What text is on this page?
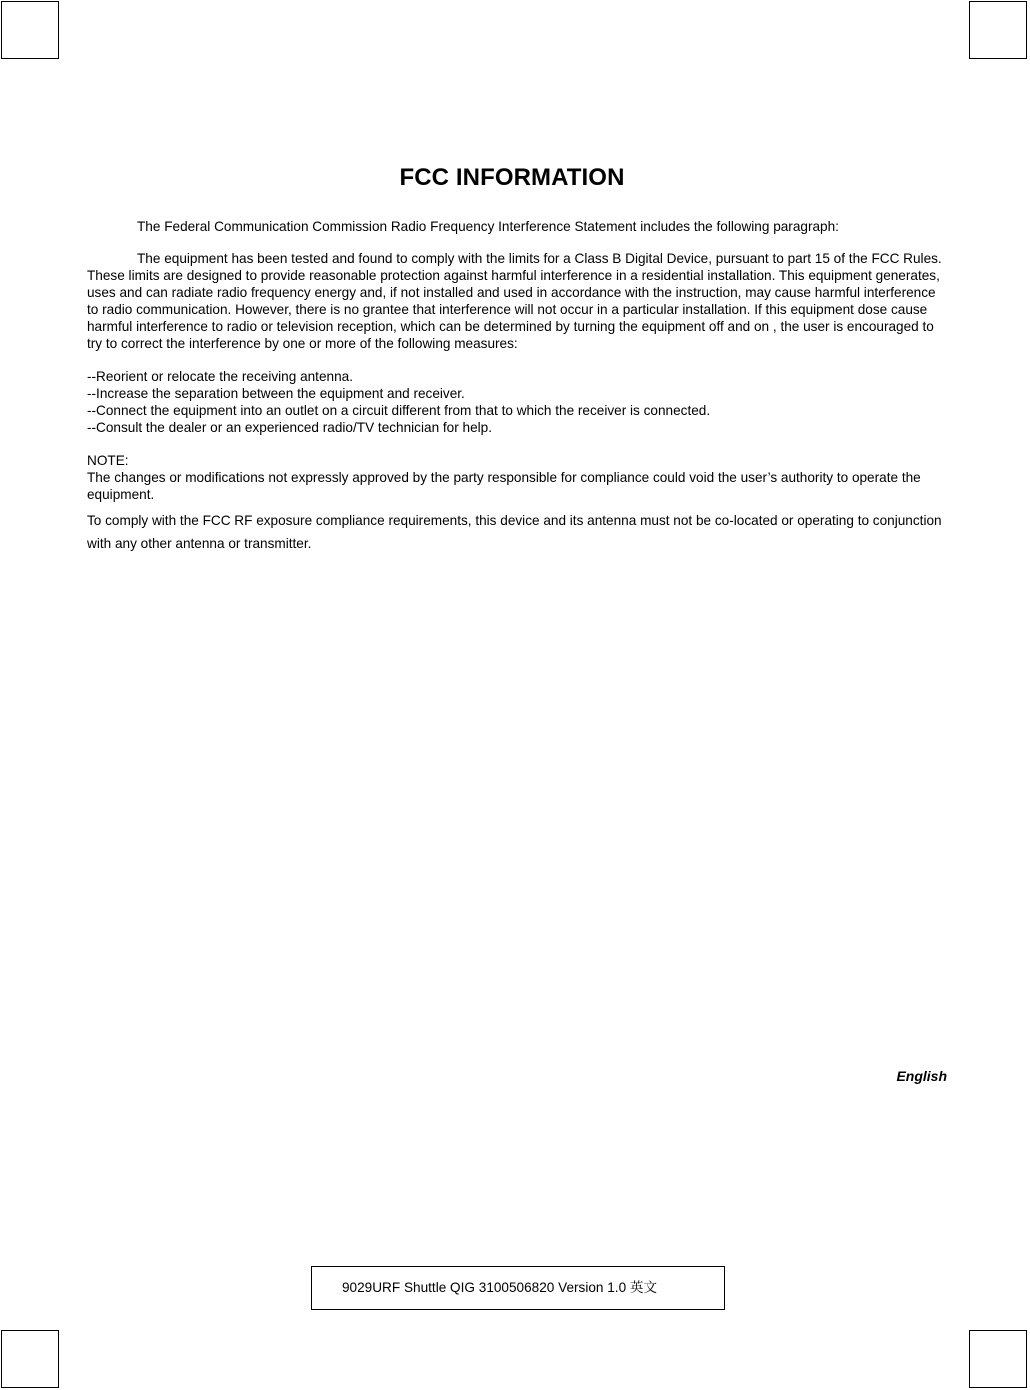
FCC INFORMATION
The Federal Communication Commission Radio Frequency Interference Statement includes the following paragraph:
The equipment has been tested and found to comply with the limits for a Class B Digital Device, pursuant to part 15 of the FCC Rules. These limits are designed to provide reasonable protection against harmful interference in a residential installation. This equipment generates, uses and can radiate radio frequency energy and, if not installed and used in accordance with the instruction, may cause harmful interference to radio communication. However, there is no grantee that interference will not occur in a particular installation. If this equipment dose cause harmful interference to radio or television reception, which can be determined by turning the equipment off and on , the user is encouraged to try to correct the interference by one or more of the following measures:
--Reorient or relocate the receiving antenna.
--Increase the separation between the equipment and receiver.
--Connect the equipment into an outlet on a circuit different from that to which the receiver is connected.
--Consult the dealer or an experienced radio/TV technician for help.
NOTE:
The changes or modifications not expressly approved by the party responsible for compliance could void the user’s authority to operate the equipment.
To comply with the FCC RF exposure compliance requirements, this device and its antenna must not be co-located or operating to conjunction with any other antenna or transmitter.
English
9029URF Shuttle QIG 3100506820 Version 1.0 英文
